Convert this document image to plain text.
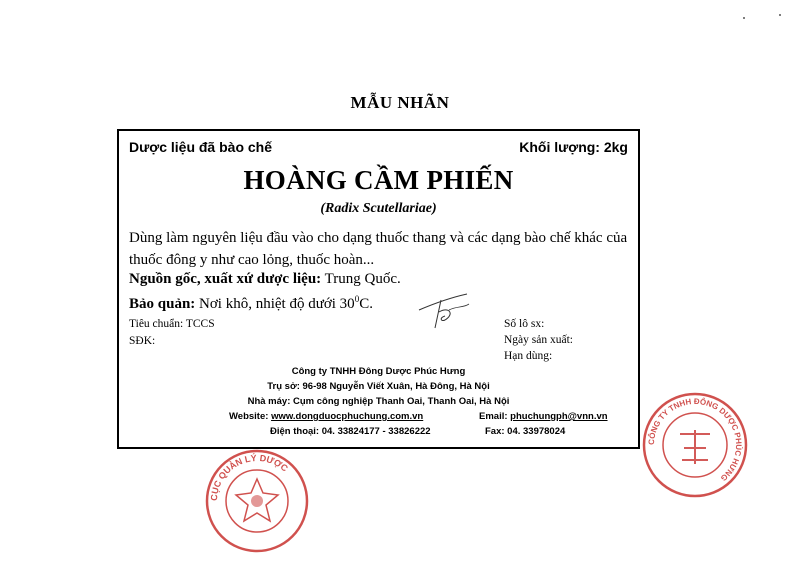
MẪU NHÃN
Dược liệu đã bào chế	Khối lượng: 2kg
HOÀNG CẦM PHIẾN
(Radix Scutellariae)
Dùng làm nguyên liệu đầu vào cho dạng thuốc thang và các dạng bào chế khác của thuốc đông y như cao lỏng, thuốc hoàn...
Nguồn gốc, xuất xứ dược liệu: Trung Quốc.
Bảo quản: Nơi khô, nhiệt độ dưới $30^0C$.
Tiêu chuẩn: TCCS
SĐK:
Số lô sx:
Ngày sản xuất:
Hạn dùng:
Công ty TNHH Đông Dược Phúc Hưng
Trụ sở: 96-98 Nguyễn Viết Xuân, Hà Đông, Hà Nội
Nhà máy: Cụm công nghiệp Thanh Oai, Thanh Oai, Hà Nội
Website: www.dongduocphuchung.com.vn	Email: phuchungph@vnn.vn
Điện thoại: 04. 33824177 - 33826222	Fax: 04. 33978024
CỤC QUẢN LÝ DƯỢC
CÔNG TY TNHH ĐÔNG DƯỢC PHÚC HƯNG
